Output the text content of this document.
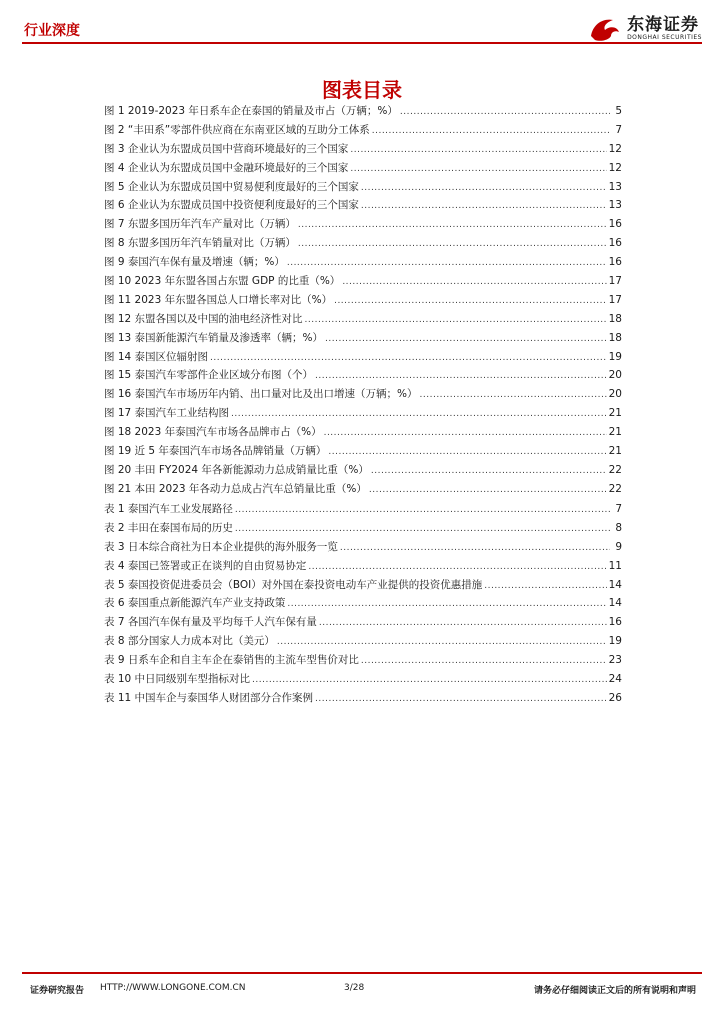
行业深度	东海证券
DONGHAI SECURITIES
图表目录
图 1 2019-2023 年日系车企在泰国的销量及市占（万辆；%） .....	5
图 2 “丰田系”零部件供应商在东南亚区域的互助分工体系 .....	7
图 3 企业认为东盟成员国中营商环境最好的三个国家 .....	12
图 4 企业认为东盟成员国中金融环境最好的三个国家 .....	12
图 5 企业认为东盟成员国中贸易便利度最好的三个国家 .....	13
图 6 企业认为东盟成员国中投资便利度最好的三个国家 .....	13
图 7 东盟多国历年汽车产量对比（万辆） .....	16
图 8 东盟多国历年汽车销量对比（万辆） .....	16
图 9 泰国汽车保有量及增速（辆；%） .....	16
图 10 2023 年东盟各国占东盟 GDP 的比重（%） .....	17
图 11 2023 年东盟各国总人口增长率对比（%） .....	17
图 12 东盟各国以及中国的油电经济性对比 .....	18
图 13 泰国新能源汽车销量及渗透率（辆；%） .....	18
图 14 泰国区位辐射图 .....	19
图 15 泰国汽车零部件企业区域分布图（个） .....	20
图 16 泰国汽车市场历年内销、出口量对比及出口增速（万辆；%） .....	20
图 17 泰国汽车工业结构图 .....	21
图 18 2023 年泰国汽车市场各品牌市占（%） .....	21
图 19 近 5 年泰国汽车市场各品牌销量（万辆） .....	21
图 20 丰田 FY2024 年各新能源动力总成销量比重（%） .....	22
图 21 本田 2023 年各动力总成占汽车总销量比重（%） .....	22
表 1 泰国汽车工业发展路径 .....	7
表 2 丰田在泰国布局的历史 .....	8
表 3 日本综合商社为日本企业提供的海外服务一览 .....	9
表 4 泰国已签署或正在谈判的自由贸易协定 .....	11
表 5 泰国投资促进委员会（BOI）对外国在泰投资电动车产业提供的投资优惠措施 .....	14
表 6 泰国重点新能源汽车产业支持政策 .....	14
表 7 各国汽车保有量及平均每千人汽车保有量 .....	16
表 8 部分国家人力成本对比（美元） .....	19
表 9 日系车企和自主车企在泰销售的主流车型售价对比 .....	23
表 10 中日同级别车型指标对比 .....	24
表 11 中国车企与泰国华人财团部分合作案例 .....	26
证券研究报告 HTTP://WWW.LONGONE.COM.CN	3/28	请务必仔细阅读正文后的所有说明和声明
